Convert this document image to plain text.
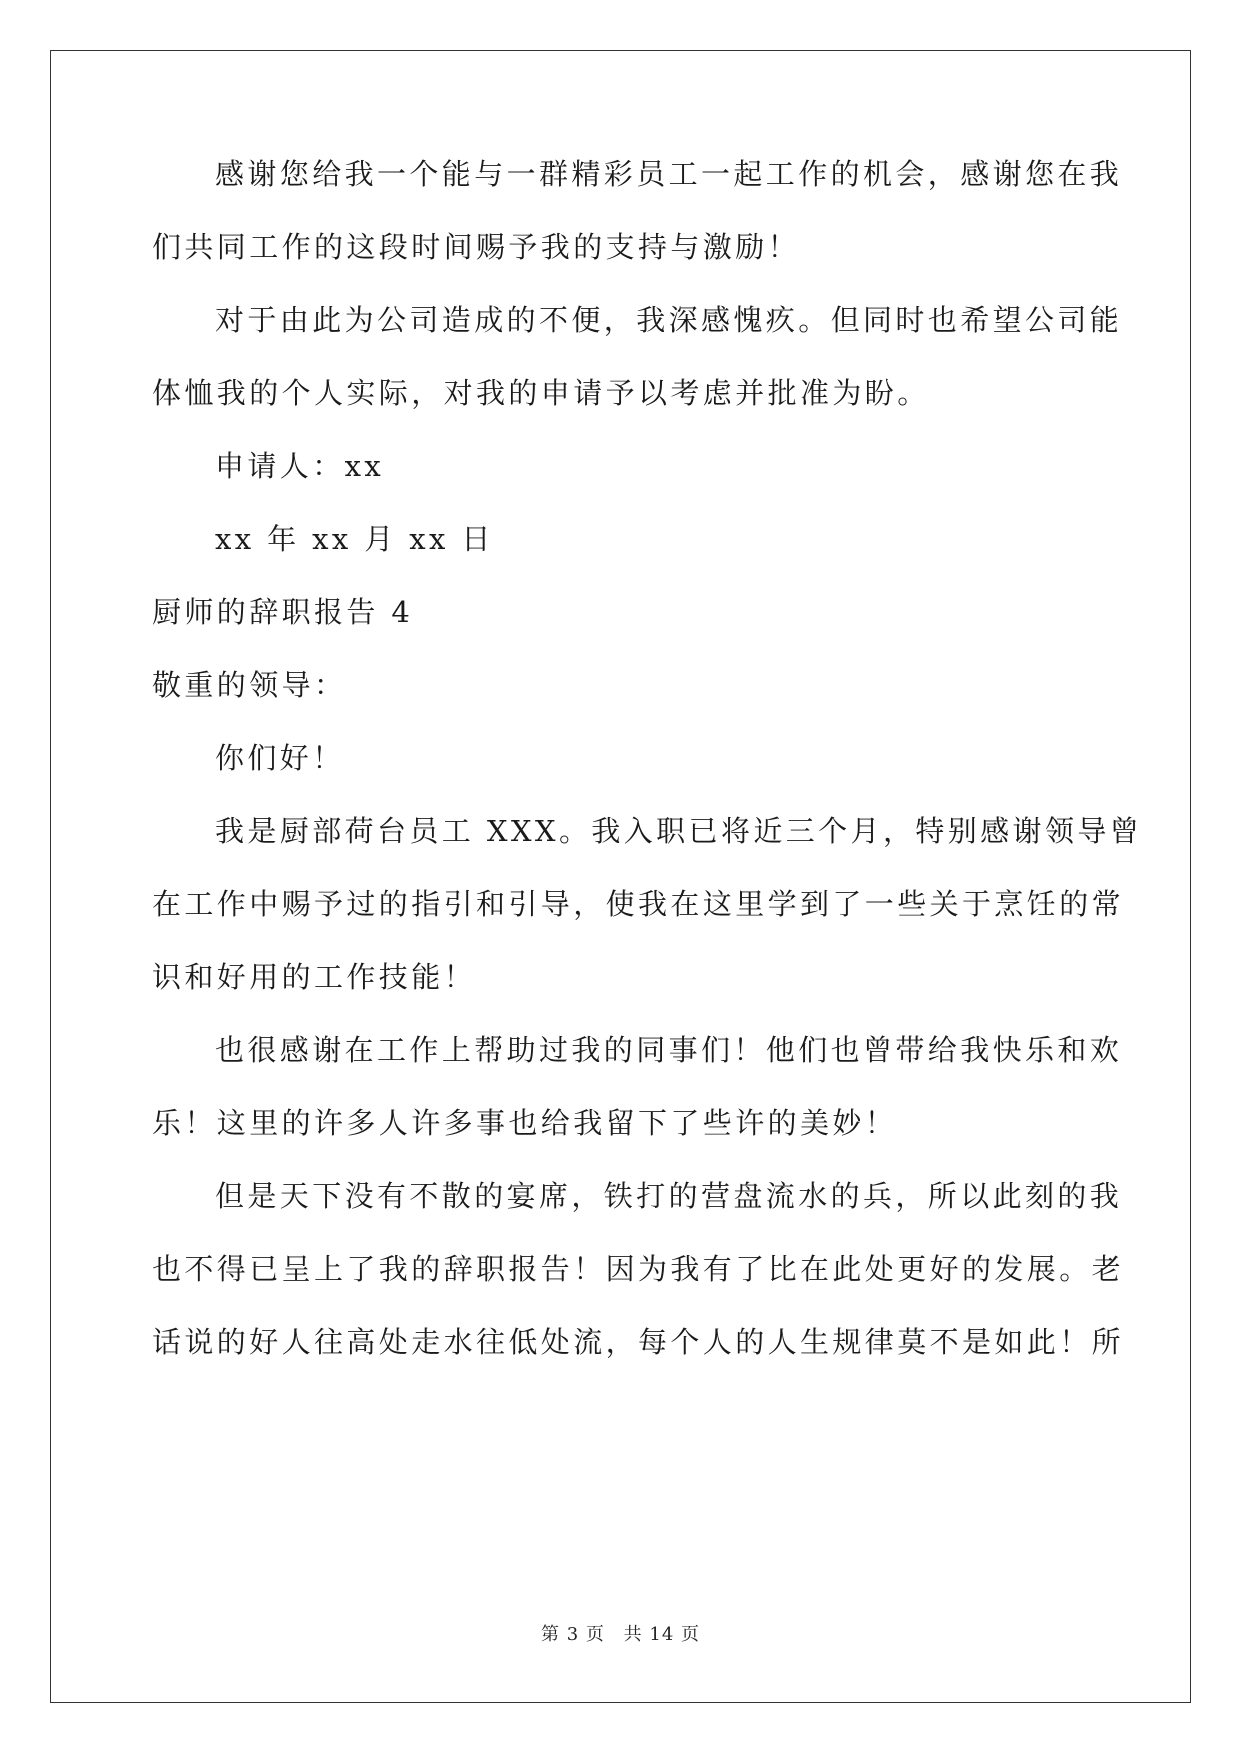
感谢您给我一个能与一群精彩员工一起工作的机会，感谢您在我
们共同工作的这段时间赐予我的支持与激励！
对于由此为公司造成的不便，我深感愧疚。但同时也希望公司能
体恤我的个人实际，对我的申请予以考虑并批准为盼。
申请人：xx
xx 年 xx 月 xx 日
厨师的辞职报告 4
敬重的领导：
你们好！
我是厨部荷台员工 XXX。我入职已将近三个月，特别感谢领导曾
在工作中赐予过的指引和引导，使我在这里学到了一些关于烹饪的常
识和好用的工作技能！
也很感谢在工作上帮助过我的同事们！他们也曾带给我快乐和欢
乐！这里的许多人许多事也给我留下了些许的美妙！
但是天下没有不散的宴席，铁打的营盘流水的兵，所以此刻的我
也不得已呈上了我的辞职报告！因为我有了比在此处更好的发展。老
话说的好人往高处走水往低处流，每个人的人生规律莫不是如此！所
第 3 页 共 14 页
